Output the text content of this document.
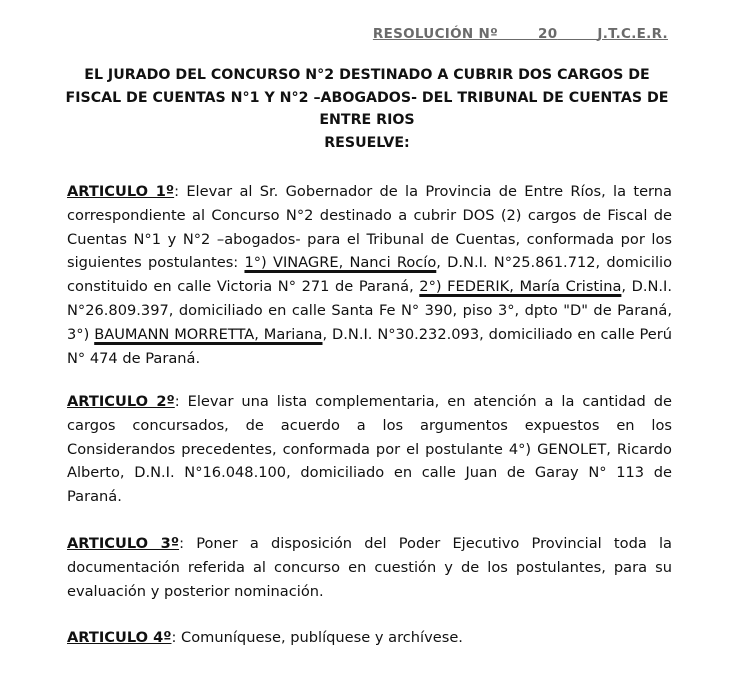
RESOLUCIÓN Nº	20	J.T.C.E.R.
EL JURADO DEL CONCURSO N°2 DESTINADO A CUBRIR DOS CARGOS DE
FISCAL DE CUENTAS N°1 Y N°2 –ABOGADOS- DEL TRIBUNAL DE CUENTAS DE
ENTRE RIOS
RESUELVE:
ARTICULO 1º: Elevar al Sr. Gobernador de la Provincia de Entre Ríos, la terna correspondiente al Concurso N°2 destinado a cubrir DOS (2) cargos de Fiscal de Cuentas N°1 y N°2 –abogados- para el Tribunal de Cuentas, conformada por los siguientes postulantes: 1°) VINAGRE, Nanci Rocío, D.N.I. N°25.861.712, domicilio constituido en calle Victoria N° 271 de Paraná, 2°) FEDERIK, María Cristina, D.N.I. N°26.809.397, domiciliado en calle Santa Fe N° 390, piso 3°, dpto "D" de Paraná, 3°) BAUMANN MORRETTA, Mariana, D.N.I. N°30.232.093, domiciliado en calle Perú N° 474 de Paraná.
ARTICULO 2º: Elevar una lista complementaria, en atención a la cantidad de cargos concursados, de acuerdo a los argumentos expuestos en los Considerandos precedentes, conformada por el postulante 4°) GENOLET, Ricardo Alberto, D.N.I. N°16.048.100, domiciliado en calle Juan de Garay N° 113 de Paraná.
ARTICULO 3º: Poner a disposición del Poder Ejecutivo Provincial toda la documentación referida al concurso en cuestión y de los postulantes, para su evaluación y posterior nominación.
ARTICULO 4º: Comuníquese, publíquese y archívese.
